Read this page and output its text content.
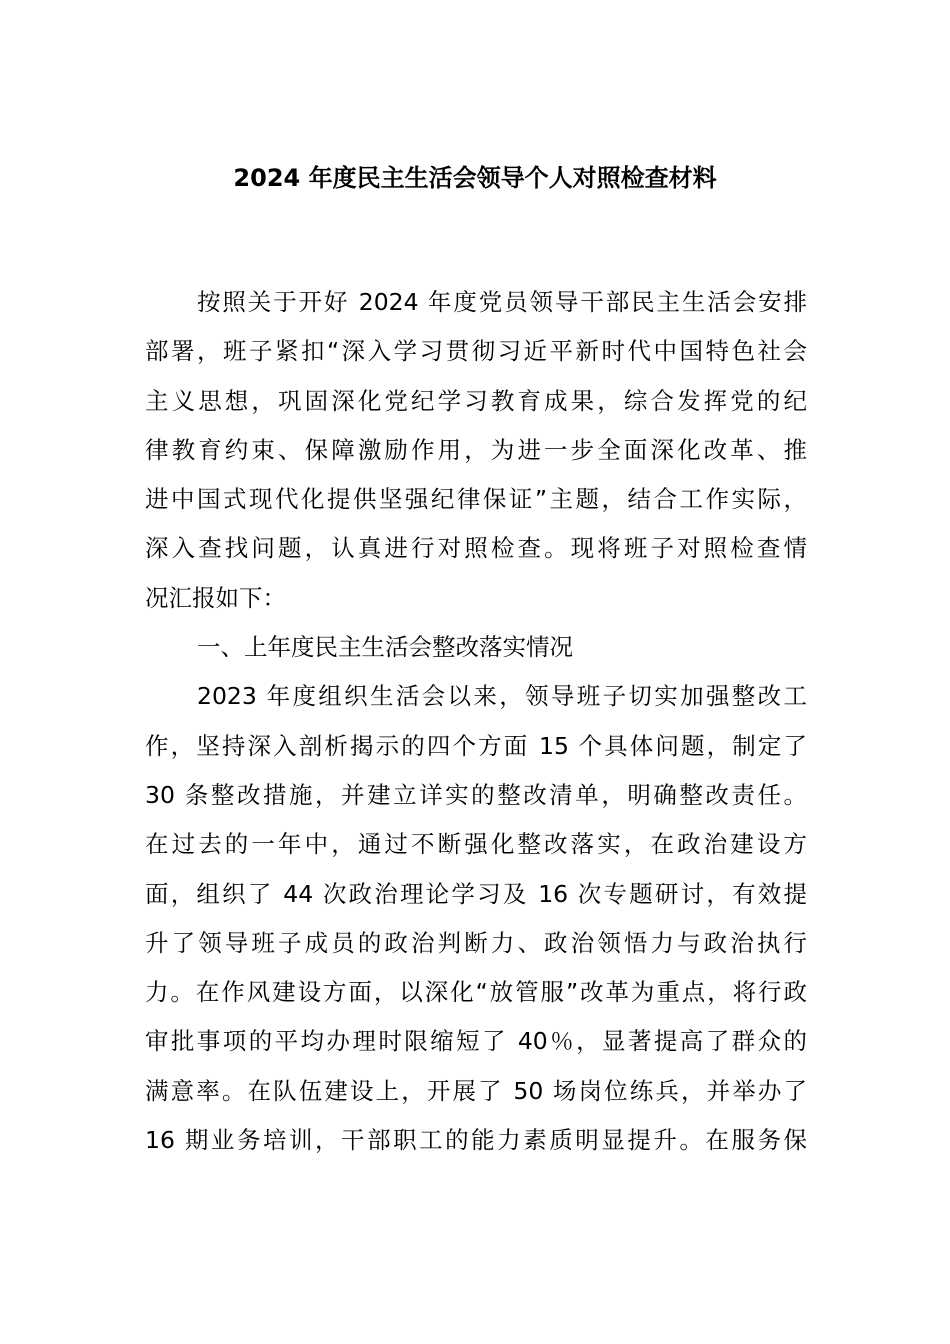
2024 年度民主生活会领导个人对照检查材料
按照关于开好 2024 年度党员领导干部民主生活会安排
部署，班子紧扣“深入学习贯彻习近平新时代中国特色社会
主义思想，巩固深化党纪学习教育成果，综合发挥党的纪
律教育约束、保障激励作用，为进一步全面深化改革、推
进中国式现代化提供坚强纪律保证”主题，结合工作实际，
深入查找问题，认真进行对照检查。现将班子对照检查情
况汇报如下：
一、上年度民主生活会整改落实情况
2023 年度组织生活会以来，领导班子切实加强整改工
作，坚持深入剖析揭示的四个方面 15 个具体问题，制定了
30 条整改措施，并建立详实的整改清单，明确整改责任。
在过去的一年中，通过不断强化整改落实，在政治建设方
面，组织了 44 次政治理论学习及 16 次专题研讨，有效提
升了领导班子成员的政治判断力、政治领悟力与政治执行
力。在作风建设方面，以深化“放管服”改革为重点，将行政
审批事项的平均办理时限缩短了 40％，显著提高了群众的
满意率。在队伍建设上，开展了 50 场岗位练兵，并举办了
16 期业务培训，干部职工的能力素质明显提升。在服务保
